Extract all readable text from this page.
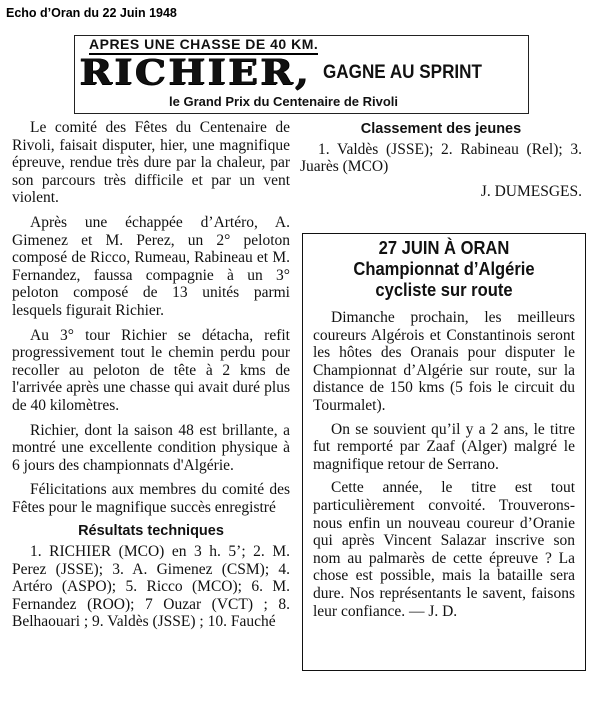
Echo d’Oran du 22 Juin 1948
APRES UNE CHASSE DE 40 KM.
RICHIER, GAGNE AU SPRINT
le Grand Prix du Centenaire de Rivoli

Le comité des Fêtes du Centenaire de Rivoli, faisait disputer, hier, une magnifique épreuve, rendue très dure par la chaleur, par son parcours très difficile et par un vent violent.

Après une échappée d’Artéro, A. Gimenez et M. Perez, un 2° peloton composé de Ricco, Rumeau, Rabineau et M. Fernandez, faussa compagnie à un 3° peloton composé de 13 unités parmi lesquels figurait Richier.

Au 3° tour Richier se détacha, refit progressivement tout le chemin perdu pour recoller au peloton de tête à 2 kms de l'arrivée après une chasse qui avait duré plus de 40 kilomètres.

Richier, dont la saison 48 est brillante, a montré une excellente condition physique à 6 jours des championnats d'Algérie.

Félicitations aux membres du comité des Fêtes pour le magnifique succès enregistré

Résultats techniques

1. RICHIER (MCO) en 3 h. 5’; 2. M. Perez (JSSE); 3. A. Gimenez (CSM); 4. Artéro (ASPO); 5. Ricco (MCO); 6. M. Fernandez (ROO); 7 Ouzar (VCT) ; 8. Belhaouari ; 9. Valdès (JSSE) ; 10. Fauché

Classement des jeunes

1. Valdès (JSSE); 2. Rabineau (Rel); 3. Juarès (MCO)

J. DUMESGES.

27 JUIN À ORAN
Championnat d’Algérie
cycliste sur route

Dimanche prochain, les meilleurs coureurs Algérois et Constantinois seront les hôtes des Oranais pour disputer le Championnat d’Algérie sur route, sur la distance de 150 kms (5 fois le circuit du Tourmalet).

On se souvient qu’il y a 2 ans, le titre fut remporté par Zaaf (Alger) malgré le magnifique retour de Serrano.

Cette année, le titre est tout particulièrement convoité. Trouverons-nous enfin un nouveau coureur d’Oranie qui après Vincent Salazar inscrive son nom au palmarès de cette épreuve ? La chose est possible, mais la bataille sera dure. Nos représentants le savent, faisons leur confiance. — J. D.
